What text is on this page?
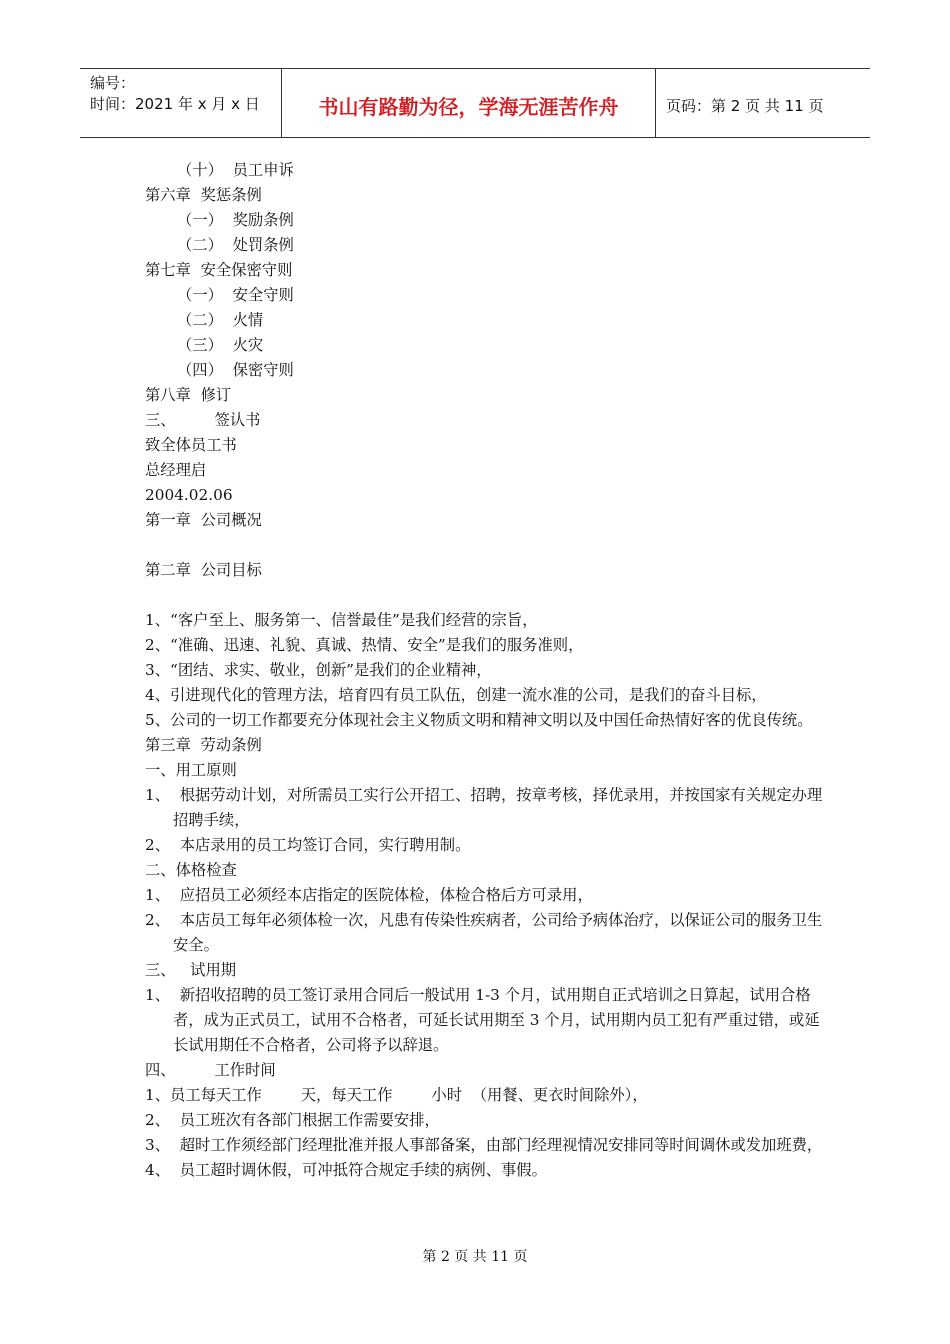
编号：
时间：2021 年 x 月 x 日	书山有路勤为径，学海无涯苦作舟	页码：第 2 页 共 11 页
（十）  员工申诉
第六章  奖惩条例
（一）  奖励条例
（二）  处罚条例
第七章  安全保密守则
（一）  安全守则
（二）  火情
（三）  火灾
（四）  保密守则
第八章  修订
三、        签认书
致全体员工书
总经理启
2004.02.06
第一章  公司概况
第二章  公司目标
1、“客户至上、服务第一、信誉最佳”是我们经营的宗旨，
2、“准确、迅速、礼貌、真诚、热情、安全”是我们的服务准则，
3、“团结、求实、敬业，创新”是我们的企业精神，
4、引进现代化的管理方法，培育四有员工队伍，创建一流水准的公司，是我们的奋斗目标，
5、公司的一切工作都要充分体现社会主义物质文明和精神文明以及中国任命热情好客的优良传统。
第三章  劳动条例
一、用工原则
1、  根据劳动计划，对所需员工实行公开招工、招聘，按章考核，择优录用，并按国家有关规定办理招聘手续，
2、  本店录用的员工均签订合同，实行聘用制。
二、体格检查
1、  应招员工必须经本店指定的医院体检，体检合格后方可录用，
2、  本店员工每年必须体检一次，凡患有传染性疾病者，公司给予病体治疗，以保证公司的服务卫生安全。
三、   试用期
1、  新招收招聘的员工签订录用合同后一般试用 1-3 个月，试用期自正式培训之日算起，试用合格者，成为正式员工，试用不合格者，可延长试用期至 3 个月，试用期内员工犯有严重过错，或延长试用期任不合格者，公司将予以辞退。
四、        工作时间
1、员工每天工作        天，每天工作        小时  （用餐、更衣时间除外），
2、  员工班次有各部门根据工作需要安排，
3、  超时工作须经部门经理批准并报人事部备案，由部门经理视情况安排同等时间调休或发加班费，
4、  员工超时调休假，可冲抵符合规定手续的病例、事假。
第 2 页 共 11 页
